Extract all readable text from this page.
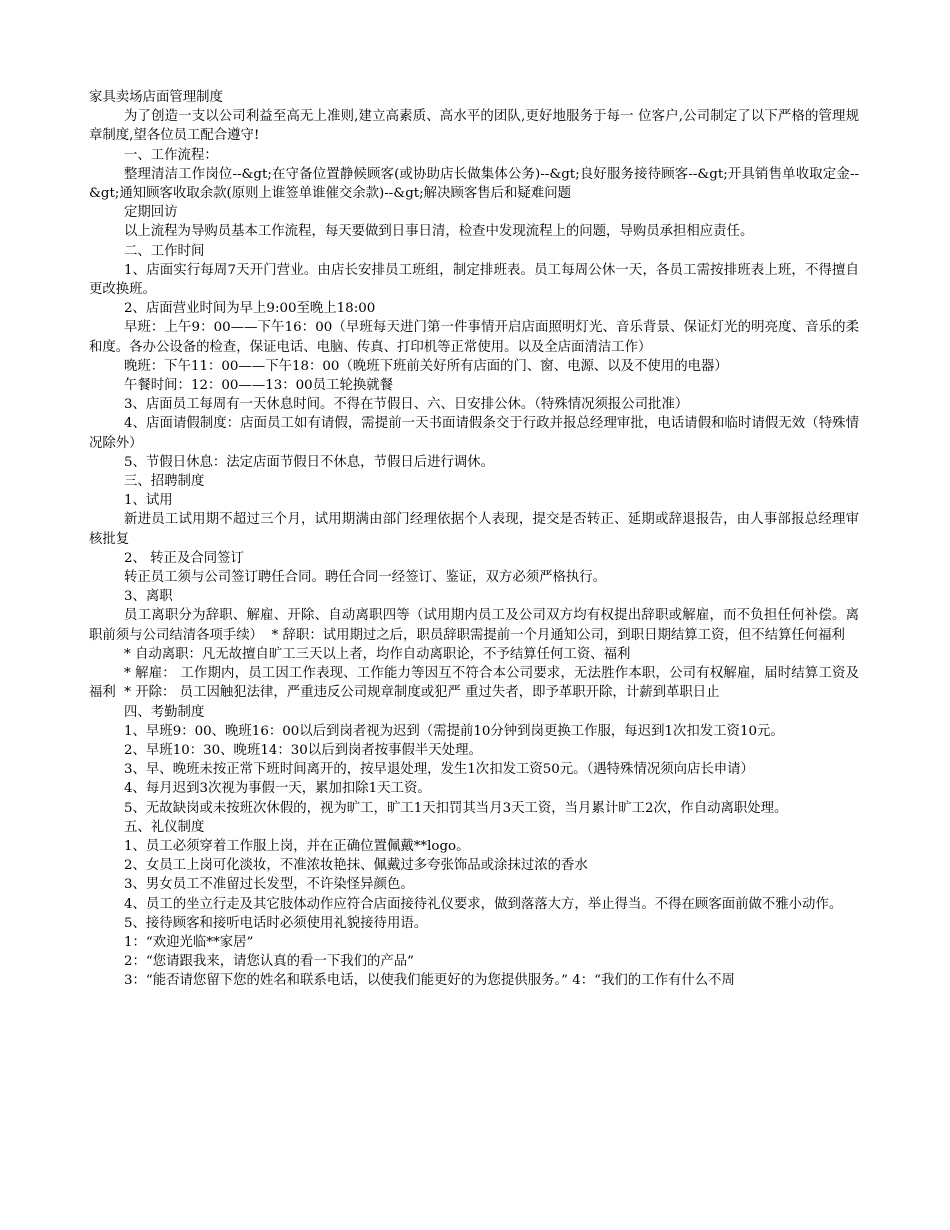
家具卖场店面管理制度

为了创造一支以公司利益至高无上准则,建立高素质、高水平的团队,更好地服务于每一 位客户,公司制定了以下严格的管理规章制度,望各位员工配合遵守!

一、工作流程：

整理清洁工作岗位--&gt;在守备位置静候顾客(或协助店长做集体公务)--&gt;良好服务接待顾客--&gt;开具销售单收取定金--&gt;通知顾客收取余款(原则上谁签单谁催交余款)--&gt;解决顾客售后和疑难问题

定期回访

以上流程为导购员基本工作流程，每天要做到日事日清，检查中发现流程上的问题，导购员承担相应责任。

二、工作时间

1、店面实行每周7天开门营业。由店长安排员工班组，制定排班表。员工每周公休一天，各员工需按排班表上班，不得擅自更改换班。

2、店面营业时间为早上9:00至晚上18:00

早班：上午9：00——下午16：00（早班每天进门第一件事情开启店面照明灯光、音乐背景、保证灯光的明亮度、音乐的柔和度。各办公设备的检查，保证电话、电脑、传真、打印机等正常使用。以及全店面清洁工作）

晚班：下午11：00——下午18：00（晚班下班前关好所有店面的门、窗、电源、以及不使用的电器）

午餐时间：12：00——13：00员工轮换就餐

3、店面员工每周有一天休息时间。不得在节假日、六、日安排公休。（特殊情况须报公司批准）

4、店面请假制度：店面员工如有请假，需提前一天书面请假条交于行政并报总经理审批，电话请假和临时请假无效（特殊情况除外）

5、节假日休息：法定店面节假日不休息，节假日后进行调休。

三、招聘制度

1、试用

新进员工试用期不超过三个月，试用期满由部门经理依据个人表现，提交是否转正、延期或辞退报告，由人事部报总经理审核批复

2、 转正及合同签订

转正员工须与公司签订聘任合同。聘任合同一经签订、鉴证，双方必须严格执行。

3、离职

员工离职分为辞职、解雇、开除、自动离职四等（试用期内员工及公司双方均有权提出辞职或解雇，而不负担任何补偿。离职前须与公司结清各项手续）  * 辞职：试用期过之后，职员辞职需提前一个月通知公司，到职日期结算工资，但不结算任何福利

* 自动离职：凡无故擅自旷工三天以上者，均作自动离职论，不予结算任何工资、福利

* 解雇： 工作期内，员工因工作表现、工作能力等因互不符合本公司要求，无法胜作本职，公司有权解雇，届时结算工资及福利  * 开除： 员工因触犯法律，严重违反公司规章制度或犯严 重过失者，即予革职开除，计薪到革职日止

四、考勤制度

1、早班9：00、晚班16：00以后到岗者视为迟到（需提前10分钟到岗更换工作服，每迟到1次扣发工资10元。

2、早班10：30、晚班14：30以后到岗者按事假半天处理。

3、早、晚班未按正常下班时间离开的，按早退处理，发生1次扣发工资50元。（遇特殊情况须向店长申请）

4、每月迟到3次视为事假一天，累加扣除1天工资。

5、无故缺岗或未按班次休假的，视为旷工，旷工1天扣罚其当月3天工资，当月累计旷工2次，作自动离职处理。

五、礼仪制度

1、员工必须穿着工作服上岗，并在正确位置佩戴**logo。

2、女员工上岗可化淡妆，不准浓妆艳抹、佩戴过多夸张饰品或涂抹过浓的香水

3、男女员工不准留过长发型，不许染怪异颜色。

4、员工的坐立行走及其它肢体动作应符合店面接待礼仪要求，做到落落大方，举止得当。不得在顾客面前做不雅小动作。

5、接待顾客和接听电话时必须使用礼貌接待用语。

1：“欢迎光临**家居”

2：“您请跟我来，请您认真的看一下我们的产品”

3：“能否请您留下您的姓名和联系电话，以使我们能更好的为您提供服务。” 4：“我们的工作有什么不周
